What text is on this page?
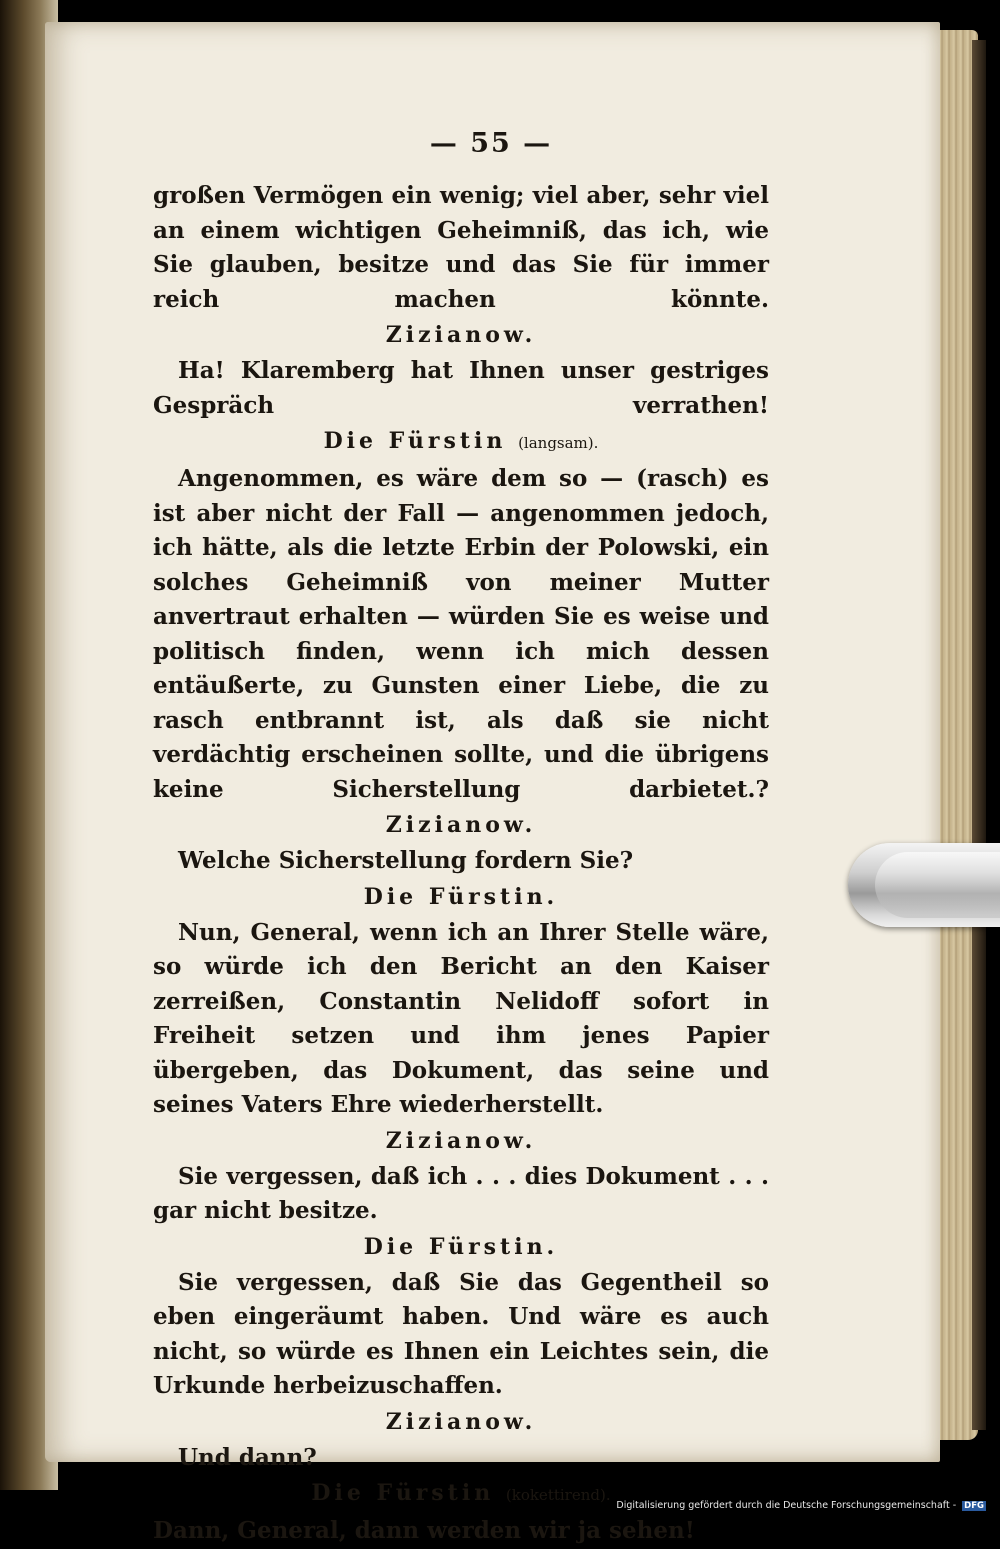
— 55 —
großen Vermögen ein wenig; viel aber, sehr viel an einem wichtigen Geheimniß, das ich, wie Sie glauben, besitze und das Sie für immer reich machen könnte.
Zizianow.
Ha! Klaremberg hat Ihnen unser gestriges Gespräch verrathen!
Die Fürstin (langsam).
Angenommen, es wäre dem so — (rasch) es ist aber nicht der Fall — angenommen jedoch, ich hätte, als die letzte Erbin der Polowski, ein solches Geheimniß von meiner Mutter anvertraut erhalten — würden Sie es weise und politisch finden, wenn ich mich dessen entäußerte, zu Gunsten einer Liebe, die zu rasch entbrannt ist, als daß sie nicht verdächtig erscheinen sollte, und die übrigens keine Sicherstellung darbietet.?
Zizianow.
Welche Sicherstellung fordern Sie?
Die Fürstin.
Nun, General, wenn ich an Ihrer Stelle wäre, so würde ich den Bericht an den Kaiser zerreißen, Constantin Nelidoff sofort in Freiheit setzen und ihm jenes Papier übergeben, das Dokument, das seine und seines Vaters Ehre wiederherstellt.
Zizianow.
Sie vergessen, daß ich . . . dies Dokument . . . gar nicht besitze.
Die Fürstin.
Sie vergessen, daß Sie das Gegentheil so eben eingeräumt haben. Und wäre es auch nicht, so würde es Ihnen ein Leichtes sein, die Urkunde herbeizuschaffen.
Zizianow.
Und dann?
Die Fürstin (kokettirend).
Dann, General, dann werden wir ja sehen!
Digitalisierung gefördert durch die Deutsche Forschungsgemeinschaft - DFG
